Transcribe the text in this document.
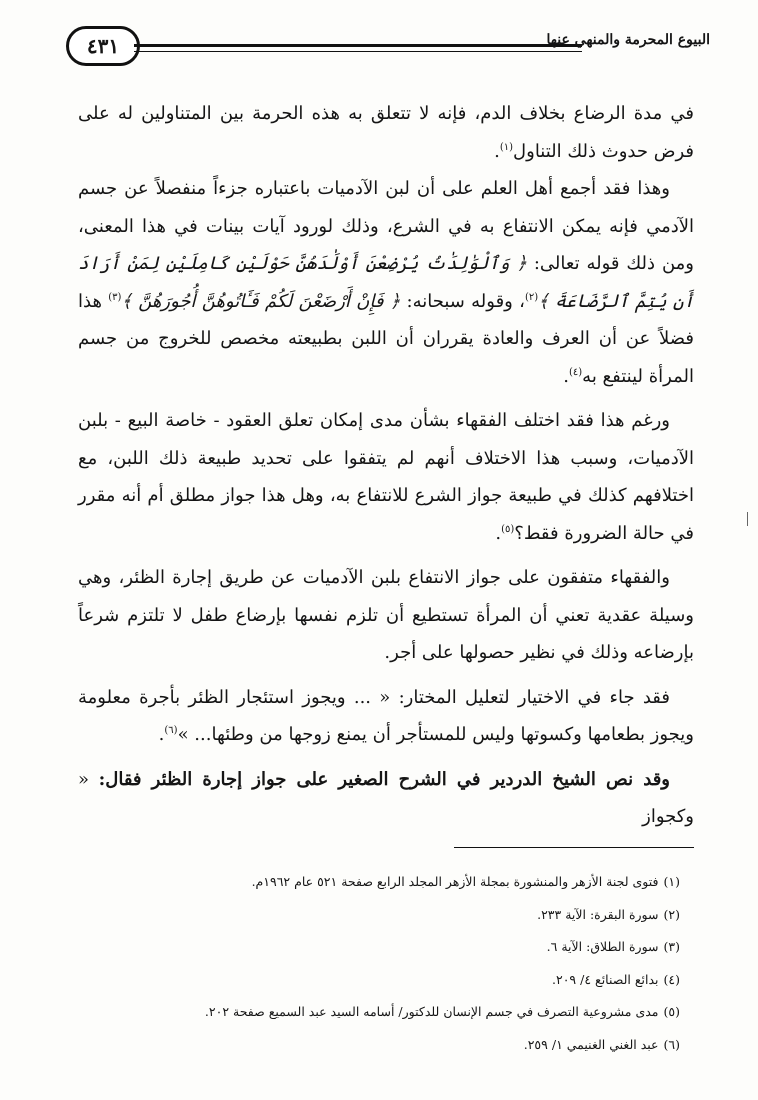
٤٣١	البيوع المحرمة والمنهي عنها

في مدة الرضاع بخلاف الدم، فإنه لا تتعلق به هذه الحرمة بين المتناولين له على فرض حدوث ذلك التناول$^{(١)}$.

وهذا فقد أجمع أهل العلم على أن لبن الآدميات باعتباره جزءاً منفصلاً عن جسم الآدمي فإنه يمكن الانتفاع به في الشرع، وذلك لورود آيات بينات في هذا المعنى، ومن ذلك قوله تعالى: ﴿ وَٱلْوَٰلِدَٰتُ يُرْضِعْنَ أَوْلَٰدَهُنَّ حَوْلَيْنِ كَامِلَيْنِ لِمَنْ أَرَادَ أَن يُتِمَّ ٱلرَّضَاعَةَ ﴾$^{(٢)}$، وقوله سبحانه: ﴿ فَإِنْ أَرْضَعْنَ لَكُمْ فَـَٔاتُوهُنَّ أُجُورَهُنَّ ﴾$^{(٣)}$ هذا فضلاً عن أن العرف والعادة يقرران أن اللبن بطبيعته مخصص للخروج من جسم المرأة لينتفع به$^{(٤)}$.

ورغم هذا فقد اختلف الفقهاء بشأن مدى إمكان تعلق العقود - خاصة البيع - بلبن الآدميات، وسبب هذا الاختلاف أنهم لم يتفقوا على تحديد طبيعة ذلك اللبن، مع اختلافهم كذلك في طبيعة جواز الشرع للانتفاع به، وهل هذا جواز مطلق أم أنه مقرر في حالة الضرورة فقط؟$^{(٥)}$.

والفقهاء متفقون على جواز الانتفاع بلبن الآدميات عن طريق إجارة الظئر، وهي وسيلة عقدية تعني أن المرأة تستطيع أن تلزم نفسها بإرضاع طفل لا تلتزم شرعاً بإرضاعه وذلك في نظير حصولها على أجر.

فقد جاء في الاختيار لتعليل المختار: « ... ويجوز استئجار الظئر بأجرة معلومة ويجوز بطعامها وكسوتها وليس للمستأجر أن يمنع زوجها من وطئها... »$^{(٦)}$.

وقد نص الشيخ الدردير في الشرح الصغير على جواز إجارة الظئر فقال: « وكجواز

(١)فتوى لجنة الأزهر والمنشورة بمجلة الأزهر المجلد الرابع صفحة ٥٢١ عام ١٩٦٢م.
(٢)سورة البقرة: الآية ٢٣٣.
(٣)سورة الطلاق: الآية ٦.
(٤)بدائع الصنائع ٤/ ٢٠٩.
(٥)مدى مشروعية التصرف في جسم الإنسان للدكتور/ أسامه السيد عبد السميع صفحة ٢٠٢.
(٦)عبد الغني الغنيمي ١/ ٢٥٩.
